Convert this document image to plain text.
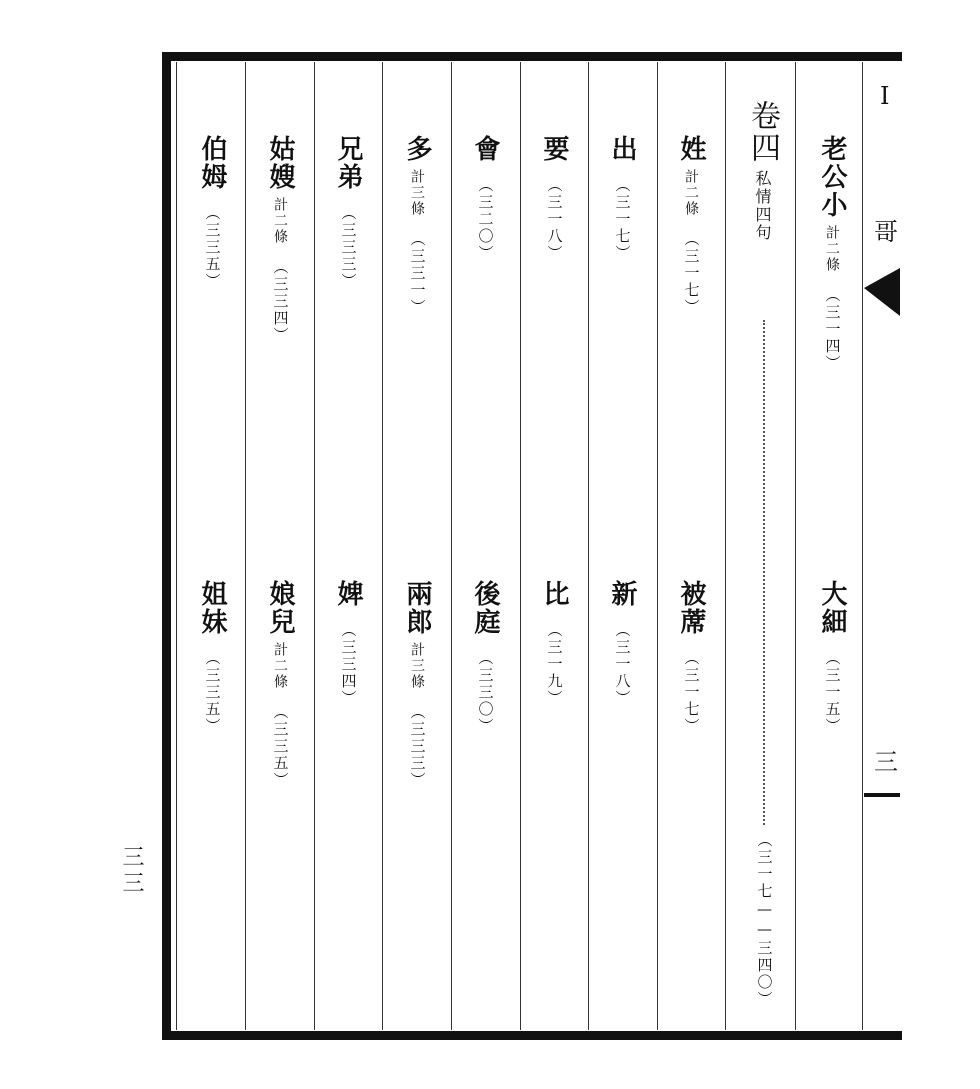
老公小
計二條
（三一四）
大細
（三一五）
卷四
私情四句
（三一七——三四〇）
姓
計二條
（三一七）
被蓆
（三一七）
出
（三一七）
新
（三一八）
要
（三一八）
比
（三一九）
會
（三二〇）
後庭
（三三〇）
多
計三條
（三三一）
兩郎
計三條
（三三三）
兄弟
（三三三）
婢
（三三四）
姑嫂
計二條
（三三四）
娘兒
計二條
（三三五）
伯姆
（三三五）
姐妹
（三三五）
I
哥
三
三三
